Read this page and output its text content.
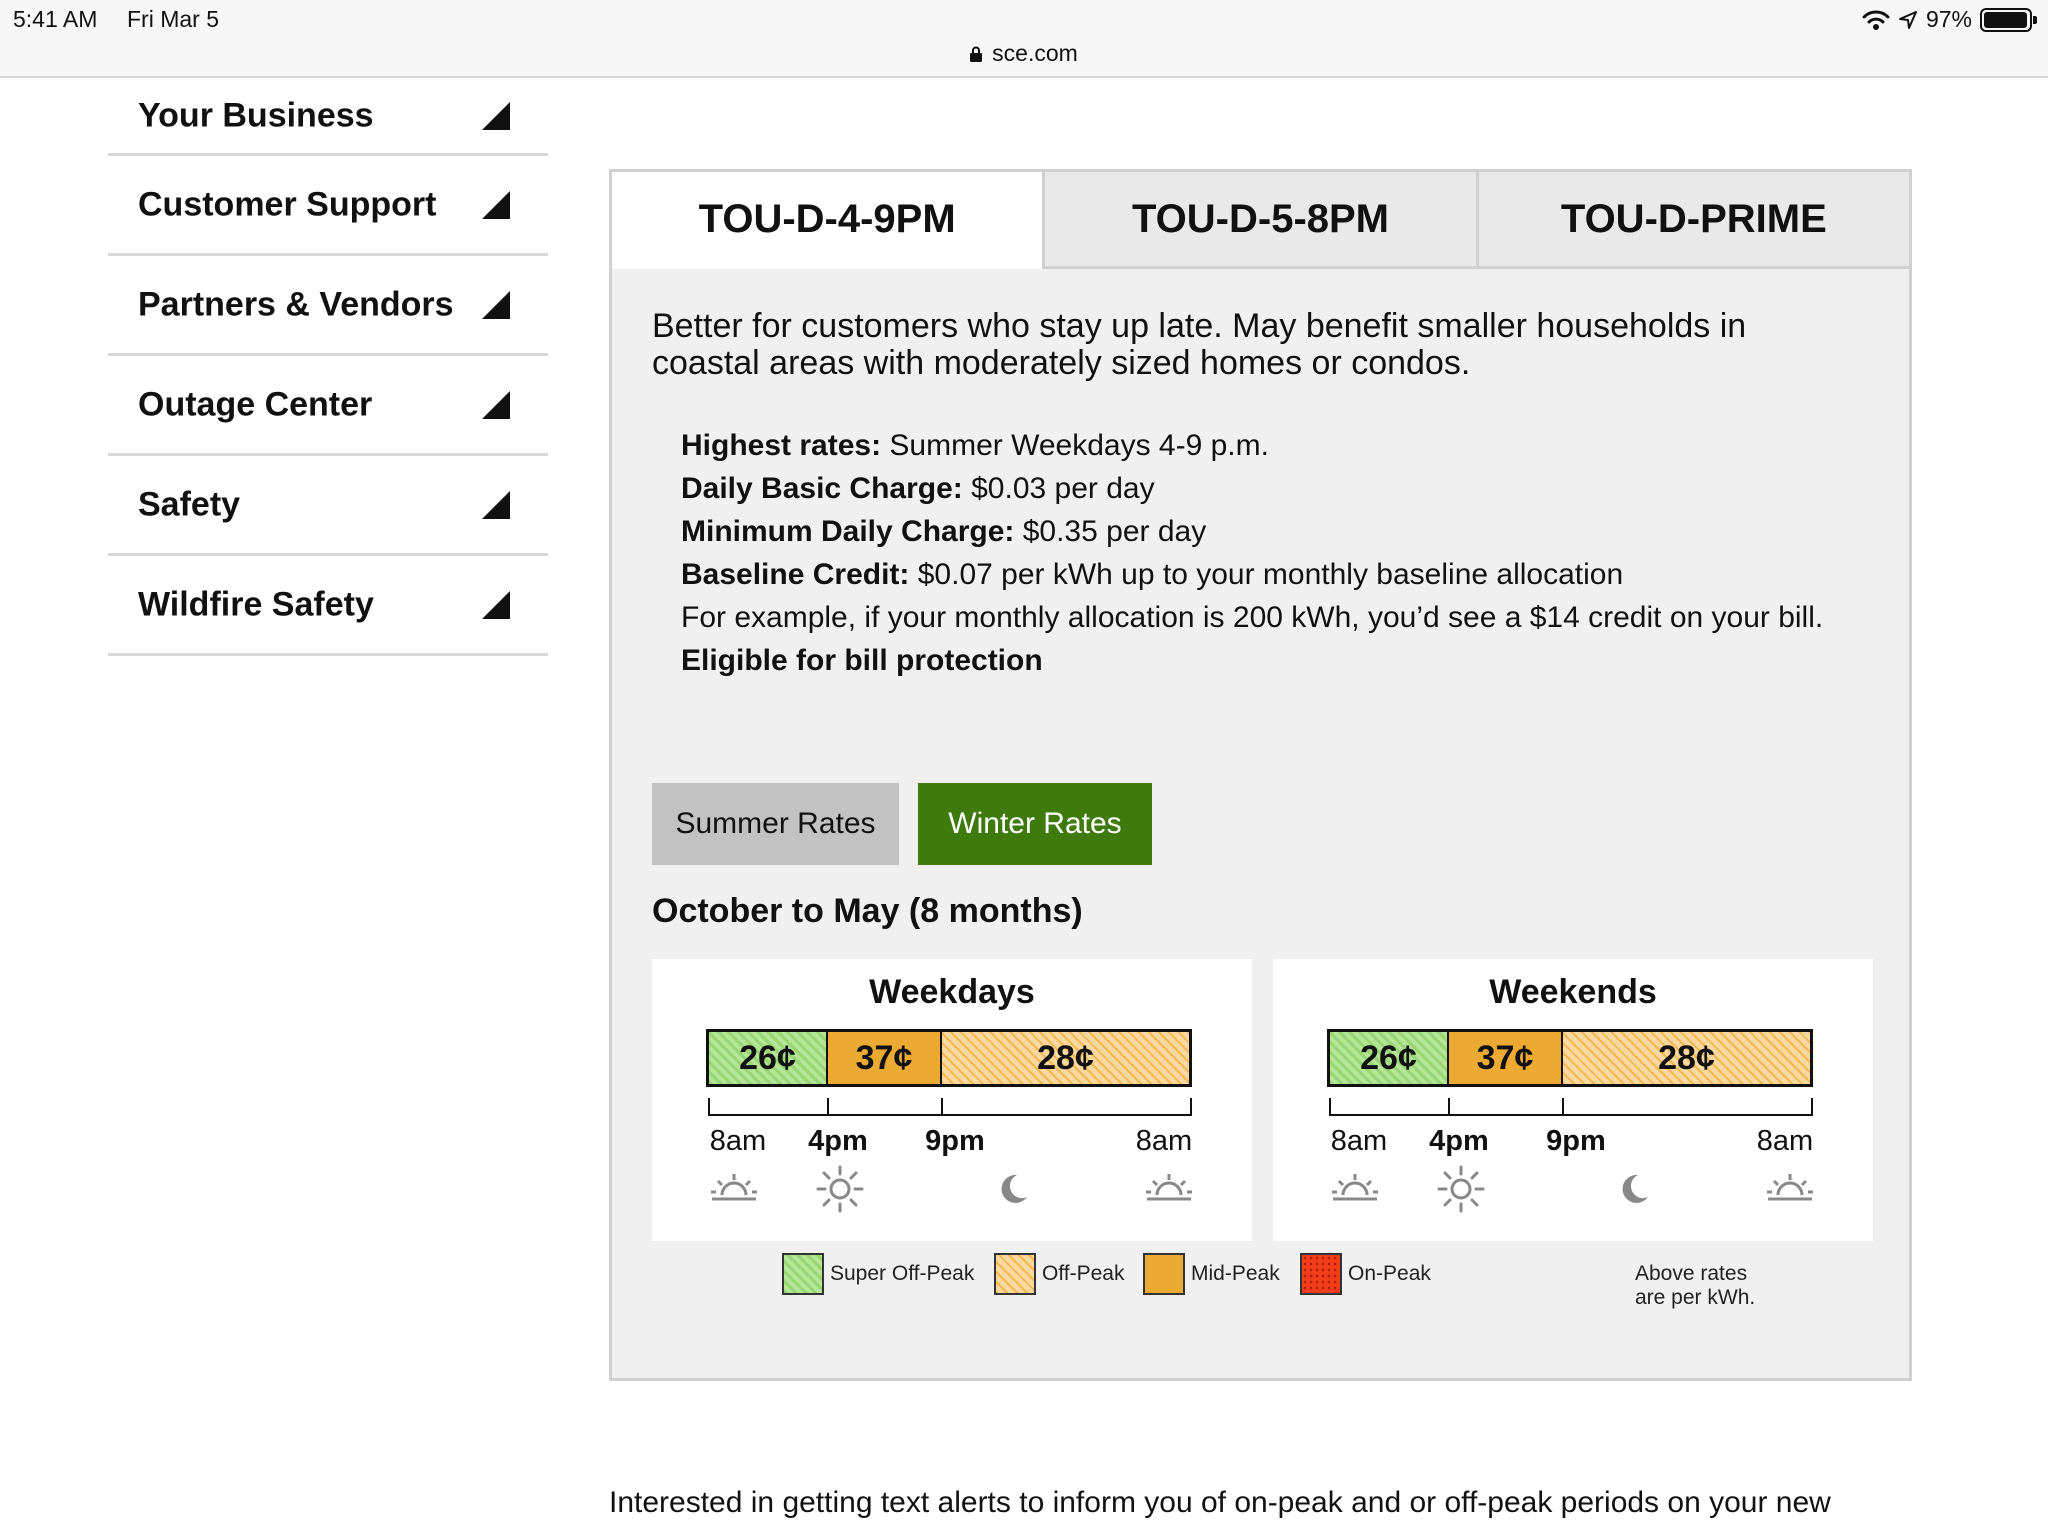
5:41 AM Fri Mar 5
sce.com
97%
Your Business
Customer Support
Partners & Vendors
Outage Center
Safety
Wildfire Safety
TOU-D-4-9PM	TOU-D-5-8PM	TOU-D-PRIME

Better for customers who stay up late. May benefit smaller households in coastal areas with moderately sized homes or condos.

Highest rates: Summer Weekdays 4-9 p.m.
Daily Basic Charge: $0.03 per day
Minimum Daily Charge: $0.35 per day
Baseline Credit: $0.07 per kWh up to your monthly baseline allocation
For example, if your monthly allocation is 200 kWh, you’d see a $14 credit on your bill.
Eligible for bill protection
Summer Rates	Winter Rates
October to May (8 months)
Weekdays
26¢	37¢	28¢
8am 4pm 9pm	8am
Weekends
26¢	37¢	28¢
8am 4pm 9pm	8am
Super Off-Peak	Off-Peak	Mid-Peak	On-Peak	Above rates are per kWh.

Interested in getting text alerts to inform you of on-peak and or off-peak periods on your new
